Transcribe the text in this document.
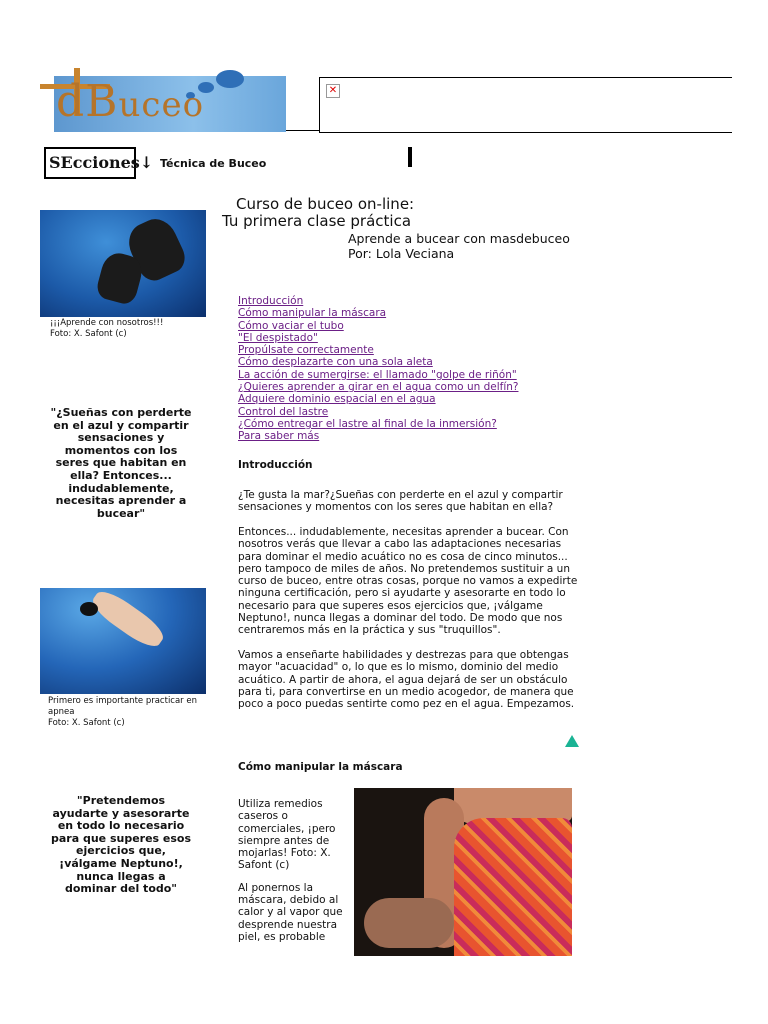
dBuceo	✕
SEcciones↓ Técnica de Buceo
Curso de buceo on-line:
Tu primera clase práctica
Aprende a bucear con masdebuceo
Por: Lola Veciana
¡¡¡Aprende con nosotros!!!
Foto: X. Safont (c)
"¿Sueñas con perderte en el azul y compartir sensaciones y momentos con los seres que habitan en ella? Entonces... indudablemente, necesitas aprender a bucear"
Primero es importante practicar en apnea
Foto: X. Safont (c)
"Pretendemos ayudarte y asesorarte en todo lo necesario para que superes esos ejercicios que, ¡válgame Neptuno!, nunca llegas a dominar del todo"
Introducción
Cómo manipular la máscara
Cómo vaciar el tubo
"El despistado"
Propúlsate correctamente
Cómo desplazarte con una sola aleta
La acción de sumergirse: el llamado "golpe de riñón"
¿Quieres aprender a girar en el agua como un delfín?
Adquiere dominio espacial en el agua
Control del lastre
¿Cómo entregar el lastre al final de la inmersión?
Para saber más
Introducción
¿Te gusta la mar?¿Sueñas con perderte en el azul y compartir sensaciones y momentos con los seres que habitan en ella?
Entonces... indudablemente, necesitas aprender a bucear. Con nosotros verás que llevar a cabo las adaptaciones necesarias para dominar el medio acuático no es cosa de cinco minutos... pero tampoco de miles de años. No pretendemos sustituir a un curso de buceo, entre otras cosas, porque no vamos a expedirte ninguna certificación, pero si ayudarte y asesorarte en todo lo necesario para que superes esos ejercicios que, ¡válgame Neptuno!, nunca llegas a dominar del todo. De modo que nos centraremos más en la práctica y sus "truquillos".
Vamos a enseñarte habilidades y destrezas para que obtengas mayor "acuacidad" o, lo que es lo mismo, dominio del medio acuático. A partir de ahora, el agua dejará de ser un obstáculo para ti, para convertirse en un medio acogedor, de manera que poco a poco puedas sentirte como pez en el agua. Empezamos.
Cómo manipular la máscara
Utiliza remedios caseros o comerciales, ¡pero siempre antes de mojarlas! Foto: X. Safont (c)
Al ponernos la máscara, debido al calor y al vapor que desprende nuestra piel, es probable
